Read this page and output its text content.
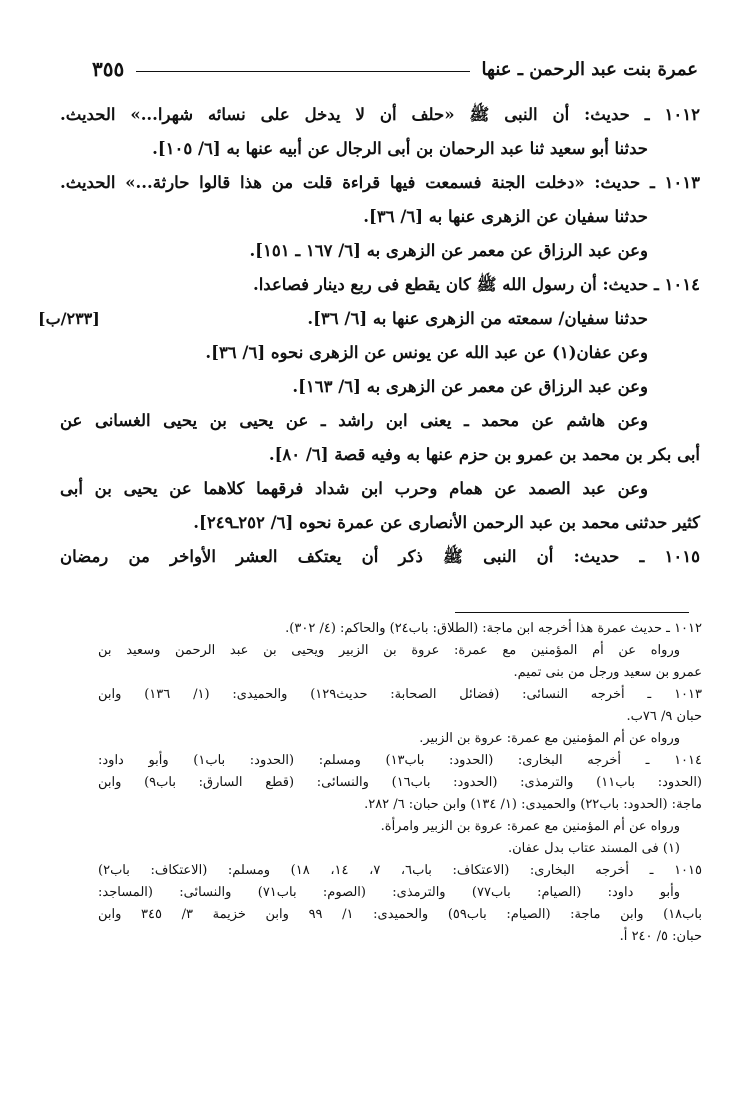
عمرة بنت عبد الرحمن ـ عنها
٣٥٥
١٠١٢ ـ حديث: أن النبى ﷺ «حلف أن لا يدخل على نسائه شهرا...» الحديث.
حدثنا أبو سعيد ثنا عبد الرحمان بن أبى الرجال عن أبيه عنها به [٦/ ١٠٥].
١٠١٣ ـ حديث: «دخلت الجنة فسمعت فيها قراءة قلت من هذا قالوا حارثة...» الحديث.
حدثنا سفيان عن الزهرى عنها به [٦/ ٣٦].
وعن عبد الرزاق عن معمر عن الزهرى به [٦/ ١٦٧ ـ ١٥١].
١٠١٤ ـ حديث: أن رسول الله ﷺ كان يقطع فى ربع دينار فصاعدا.
حدثنا سفيان/ سمعته من الزهرى عنها به [٦/ ٣٦].
[٢٣٣/ب]
وعن عفان(١) عن عبد الله عن يونس عن الزهرى نحوه [٦/ ٣٦].
وعن عبد الرزاق عن معمر عن الزهرى به [٦/ ١٦٣].
وعن هاشم عن محمد ـ يعنى ابن راشد ـ عن يحيى بن يحيى الغسانى عن
أبى بكر بن محمد بن عمرو بن حزم عنها به وفيه قصة [٦/ ٨٠].
وعن عبد الصمد عن همام وحرب ابن شداد فرقهما كلاهما عن يحيى بن أبى
كثير حدثنى محمد بن عبد الرحمن الأنصارى عن عمرة نحوه [٦/ ٢٥٢ـ٢٤٩].
١٠١٥ ـ حديث: أن النبى ﷺ ذكر أن يعتكف العشر الأواخر من رمضان
١٠١٢ ـ حديث عمرة هذا أخرجه ابن ماجة: (الطلاق: باب٢٤) والحاكم: (٤/ ٣٠٢).
ورواه عن أم المؤمنين مع عمرة: عروة بن الزبير ويحيى بن عبد الرحمن وسعيد بن
عمرو بن سعيد ورجل من بنى تميم.
١٠١٣ ـ أخرجه النسائى: (فضائل الصحابة: حديث١٢٩) والحميدى: (١/ ١٣٦) وابن
حبان ٩/ ٧٦ب.
ورواه عن أم المؤمنين مع عمرة: عروة بن الزبير.
١٠١٤ ـ أخرجه البخارى: (الحدود: باب١٣) ومسلم: (الحدود: باب١) وأبو داود:
(الحدود: باب١١) والترمذى: (الحدود: باب١٦) والنسائى: (قطع السارق: باب٩) وابن
ماجة: (الحدود: باب٢٢) والحميدى: (١/ ١٣٤) وابن حبان: ٦/ ٢٨٢.
ورواه عن أم المؤمنين مع عمرة: عروة بن الزبير وامرأة.
(١) فى المسند عتاب بدل عفان.
١٠١٥ ـ أخرجه البخارى: (الاعتكاف: باب٦، ٧، ١٤، ١٨) ومسلم: (الاعتكاف: باب٢)
وأبو داود: (الصيام: باب٧٧) والترمذى: (الصوم: باب٧١) والنسائى: (المساجد:
باب١٨) وابن ماجة: (الصيام: باب٥٩) والحميدى: ١/ ٩٩ وابن خزيمة ٣/ ٣٤٥ وابن
حبان: ٥/ ٢٤٠ أ.
